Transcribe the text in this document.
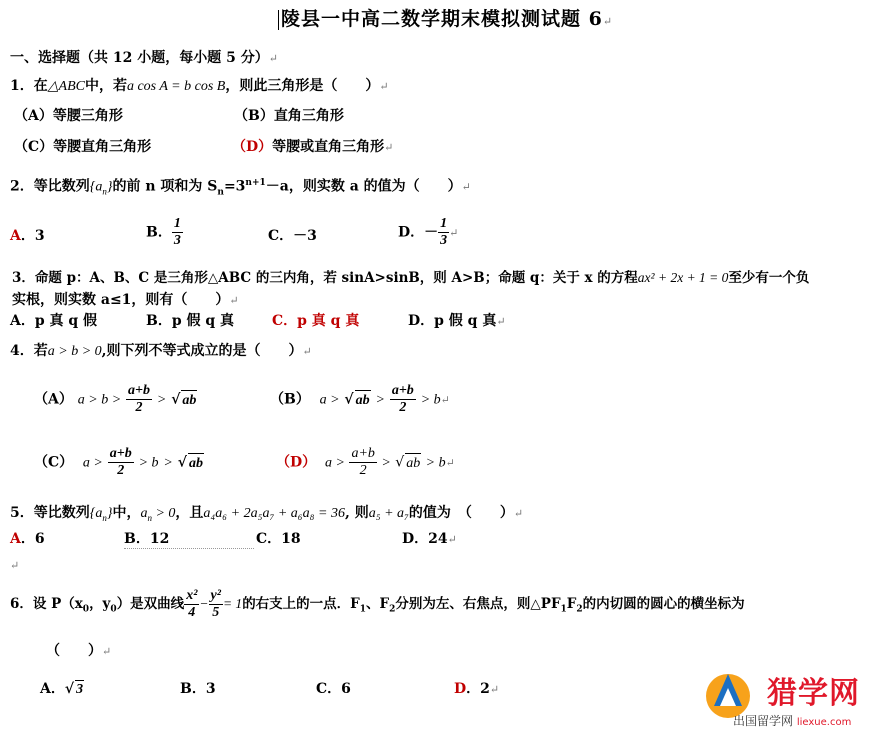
陵县一中高二数学期末模拟测试题 6↵
一、选择题（共 12 小题，每小题 5 分）↵
1．在△ABC中，若a cos A = b cos B，则此三角形是（　　）↵
（A）等腰三角形	（B）直角三角形
（C）等腰直角三角形	（D）等腰或直角三角形↵
2．等比数列$\{a_n\}$的前 n 项和为 $S_n=3^{n+1}-a$，则实数 a 的值为（　　）↵
A．3	B． $\frac{1}{3}$	C．－3	D．－ $\frac{1}{3}$ ↵
3．命题 p：A、B、C 是三角形△ABC 的三内角，若 sinA>sinB，则 A>B；命题 q：关于 x 的方程ax² + 2x + 1 = 0至少有一个负
实根，则实数 a≤1，则有（　　）↵
A．p 真 q 假	B．p 假 q 真	C．p 真 q 真	D．p 假 q 真↵
4．若a > b > 0,则下列不等式成立的是（　　）↵
（A） $a > b > \frac{a+b}{2}$ > √ ab	（B） a > √ ab > $\frac{a+b}{2}$ > b↵
（C） $a > \frac{a+b}{2} > b$ > √ ab	（D） $a > \frac{a+b}{2}$ > √ ab > b↵
5．等比数列$\{a_n\}$中，$a_n > 0$，且a₄a₆ + 2a₅a₇ + a₆a₈ = 36, 则a₅ + a₇的值为　（　　）↵
A．6	B．12	C．18	D．24↵
↵
6．设 $P(x_0$，$y_0$）是双曲线 $\frac{\text{x²}}{4} - \frac{\text{y²}}{5} = 1$的右支上的一点．$F_1$、$F_2$分别为左、右焦点，则$\triangle PF_1F_2$的内切圆的圆心的横坐标为
（　　）↵
A．√ 3	B．3	C．6	D．2↵	猎学网
出国留学网 liexue.com
